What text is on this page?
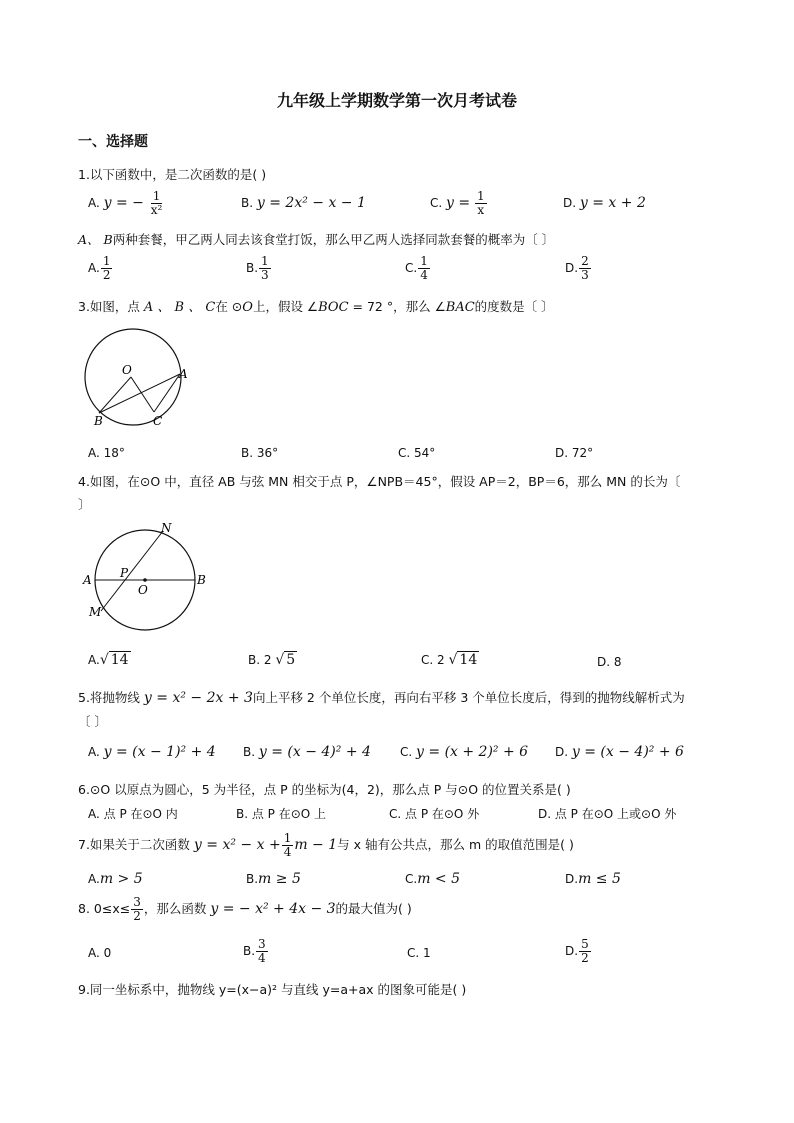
九年级上学期数学第一次月考试卷
一、选择题
1.以下函数中，是二次函数的是( )
A. y = − $\frac{1}{\text{x²}}$	B. y = 2x² − x − 1	C. $y = \frac{1}{x}$	D. y = x + 2
A、 B两种套餐，甲乙两人同去该食堂打饭，那么甲乙两人选择同款套餐的概率为〔 〕
A. $\frac{1}{2}$	B. $\frac{1}{3}$	C. $\frac{1}{4}$	D. $\frac{2}{3}$
3.如图，点 A 、 B 、 C在 ⊙O上，假设 ∠BOC = 72 °，那么 ∠BAC的度数是〔 〕
O	A
B	C
A. 18°	B. 36°	C. 54°	D. 72°
4.如图，在⊙O 中，直径 AB 与弦 MN 相交于点 P，∠NPB＝45°，假设 AP＝2，BP＝6，那么 MN 的长为〔
〕
N
A P
O
B
M
A.√ 14	B. 2 √ 5	C. 2 √ 14	D. 8
5.将抛物线 y = x² − 2x + 3向上平移 2 个单位长度，再向右平移 3 个单位长度后，得到的抛物线解析式为
〔 〕
A. y = (x − 1)² + 4 B. y = (x − 4)² + 4 C. y = (x + 2)² + 6 D. y = (x − 4)² + 6
6.⊙O 以原点为圆心，5 为半径，点 P 的坐标为(4，2)，那么点 P 与⊙O 的位置关系是( )
A. 点 P 在⊙O 内	B. 点 P 在⊙O 上	C. 点 P 在⊙O 外	D. 点 P 在⊙O 上或⊙O 外
7.如果关于二次函数 $y = x^2 - x + \frac{1}{4}$ m − 1与 x 轴有公共点，那么 m 的取值范围是( )
A.m > 5	B.m ≥ 5	C.m < 5	D.m ≤ 5
8. $0\le x\le \frac{3}{2}$ ，那么函数 y = − x² + 4x − 3的最大值为( )
A. 0	B. $\frac{3}{4}$	C. 1	D. $\frac{5}{2}$
9.同一坐标系中，抛物线 y=(x−a)² 与直线 y=a+ax 的图象可能是( )
